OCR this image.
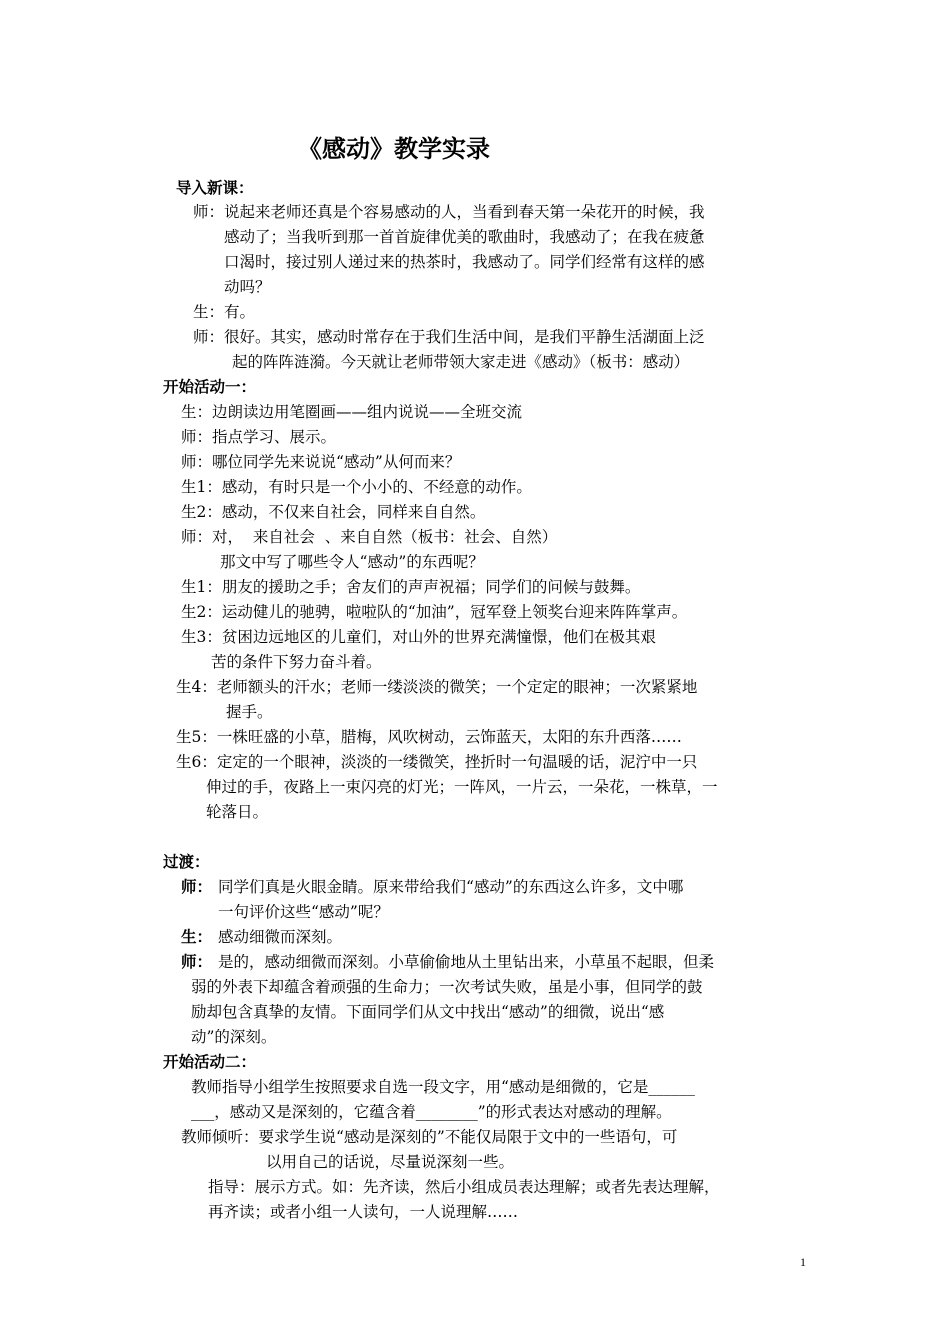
《感动》教学实录
导入新课：
师：说起来老师还真是个容易感动的人，当看到春天第一朵花开的时候，我
感动了；当我听到那一首首旋律优美的歌曲时，我感动了；在我在疲惫
口渴时，接过别人递过来的热茶时，我感动了。同学们经常有这样的感
动吗？
生：有。
师：很好。其实，感动时常存在于我们生活中间，是我们平静生活湖面上泛
起的阵阵涟漪。今天就让老师带领大家走进《感动》（板书：感动）
开始活动一：
生：边朗读边用笔圈画——组内说说——全班交流
师：指点学习、展示。
师：哪位同学先来说说“感动”从何而来？
生1：感动，有时只是一个小小的、不经意的动作。
生2：感动，不仅来自社会，同样来自自然。
师：对，  来自社会  、来自自然（板书：社会、自然）
那文中写了哪些令人“感动”的东西呢？
生1：朋友的援助之手；舍友们的声声祝福；同学们的问候与鼓舞。
生2：运动健儿的驰骋，啦啦队的“加油”，冠军登上领奖台迎来阵阵掌声。
生3：贫困边远地区的儿童们，对山外的世界充满憧憬，他们在极其艰
苦的条件下努力奋斗着。
生4：老师额头的汗水；老师一缕淡淡的微笑；一个定定的眼神；一次紧紧地
握手。
生5：一株旺盛的小草，腊梅，风吹树动，云饰蓝天，太阳的东升西落……
生6：定定的一个眼神，淡淡的一缕微笑，挫折时一句温暖的话，泥泞中一只
伸过的手，夜路上一束闪亮的灯光；一阵风，一片云，一朵花，一株草，一
轮落日。
过渡：
师： 同学们真是火眼金睛。原来带给我们“感动”的东西这么许多，文中哪
一句评价这些“感动”呢？
生： 感动细微而深刻。
师： 是的，感动细微而深刻。小草偷偷地从土里钻出来，小草虽不起眼，但柔
弱的外表下却蕴含着顽强的生命力；一次考试失败，虽是小事，但同学的鼓
励却包含真挚的友情。下面同学们从文中找出“感动”的细微，说出“感
动”的深刻。
开始活动二：
教师指导小组学生按照要求自选一段文字，用“感动是细微的，它是______
___，感动又是深刻的，它蕴含着________”的形式表达对感动的理解。
教师倾听：要求学生说“感动是深刻的”不能仅局限于文中的一些语句，可
以用自己的话说，尽量说深刻一些。
指导：展示方式。如：先齐读，然后小组成员表达理解；或者先表达理解，
再齐读；或者小组一人读句，一人说理解……
1
